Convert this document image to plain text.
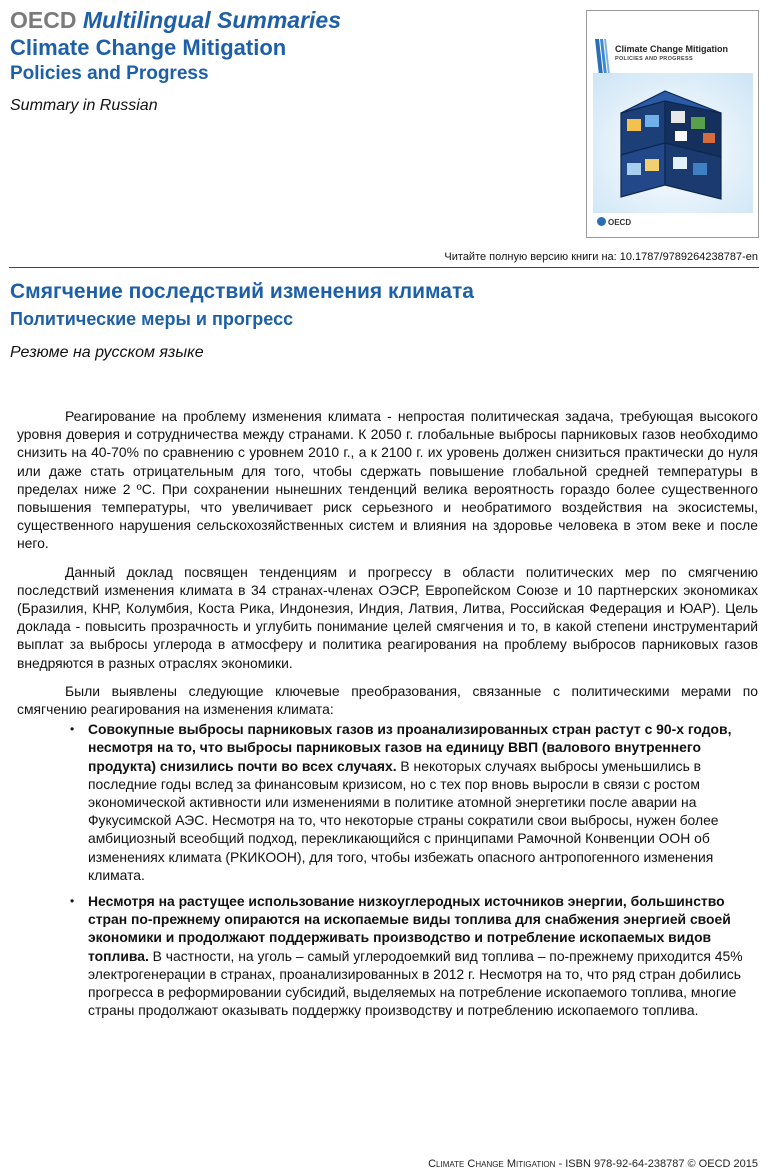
OECD Multilingual Summaries
Climate Change Mitigation
Policies and Progress
Summary in Russian
Climate Change Mitigation
POLICIES AND PROGRESS
OECD
Читайте полную версию книги на: 10.1787/9789264238787-en
Смягчение последствий изменения климата
Политические меры и прогресс
Резюме на русском языке

Реагирование на проблему изменения климата - непростая политическая задача, требующая высокого уровня доверия и сотрудничества между странами. К 2050 г. глобальные выбросы парниковых газов необходимо снизить на 40-70% по сравнению с уровнем 2010 г., а к 2100 г. их уровень должен снизиться практически до нуля или даже стать отрицательным для того, чтобы сдержать повышение глобальной средней температуры в пределах ниже 2 ºС. При сохранении нынешних тенденций велика вероятность гораздо более существенного повышения температуры, что увеличивает риск серьезного и необратимого воздействия на экосистемы, существенного нарушения сельскохозяйственных систем и влияния на здоровье человека в этом веке и после него.

Данный доклад посвящен тенденциям и прогрессу в области политических мер по смягчению последствий изменения климата в 34 странах-членах ОЭСР, Европейском Союзе и 10 партнерских экономиках (Бразилия, КНР, Колумбия, Коста Рика, Индонезия, Индия, Латвия, Литва, Российская Федерация и ЮАР). Цель доклада - повысить прозрачность и углубить понимание целей смягчения и то, в какой степени инструментарий выплат за выбросы углерода в атмосферу и политика реагирования на проблему выбросов парниковых газов внедряются в разных отраслях экономики.

Были выявлены следующие ключевые преобразования, связанные с политическими мерами по смягчению реагирования на изменения климата:

• Совокупные выбросы парниковых газов из проанализированных стран растут с 90-х годов, несмотря на то, что выбросы парниковых газов на единицу ВВП (валового внутреннего продукта) снизились почти во всех случаях. В некоторых случаях выбросы уменьшились в последние годы вслед за финансовым кризисом, но с тех пор вновь выросли в связи с ростом экономической активности или изменениями в политике атомной энергетики после аварии на Фукусимской АЭС. Несмотря на то, что некоторые страны сократили свои выбросы, нужен более амбициозный всеобщий подход, перекликающийся с принципами Рамочной Конвенции ООН об изменениях климата (РКИКООН), для того, чтобы избежать опасного антропогенного изменения климата.
• Несмотря на растущее использование низкоуглеродных источников энергии, большинство стран по-прежнему опираются на ископаемые виды топлива для снабжения энергией своей экономики и продолжают поддерживать производство и потребление ископаемых видов топлива. В частности, на уголь – самый углеродоемкий вид топлива – по-прежнему приходится 45% электрогенерации в странах, проанализированных в 2012 г. Несмотря на то, что ряд стран добились прогресса в реформировании субсидий, выделяемых на потребление ископаемого топлива, многие страны продолжают оказывать поддержку производству и потреблению ископаемого топлива.
Climate Change Mitigation - ISBN 978-92-64-238787 © OECD 2015
